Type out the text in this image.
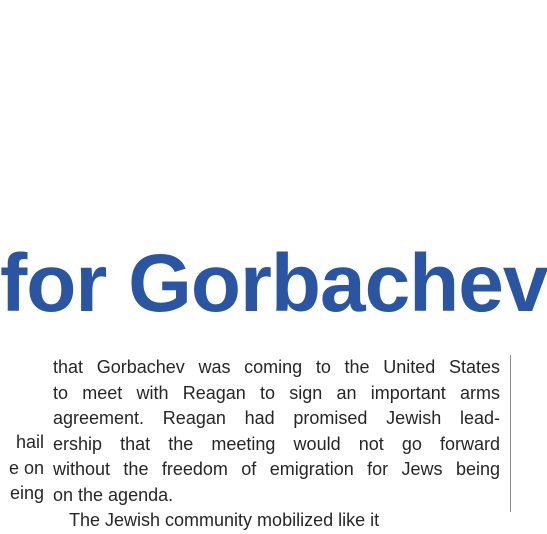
for Gorbachev
hail
e on
eing
that Gorbachev was coming to the United States
to meet with Reagan to sign an important arms
agreement. Reagan had promised Jewish lead-
ership that the meeting would not go forward
without the freedom of emigration for Jews being
on the agenda.
The Jewish community mobilized like it
